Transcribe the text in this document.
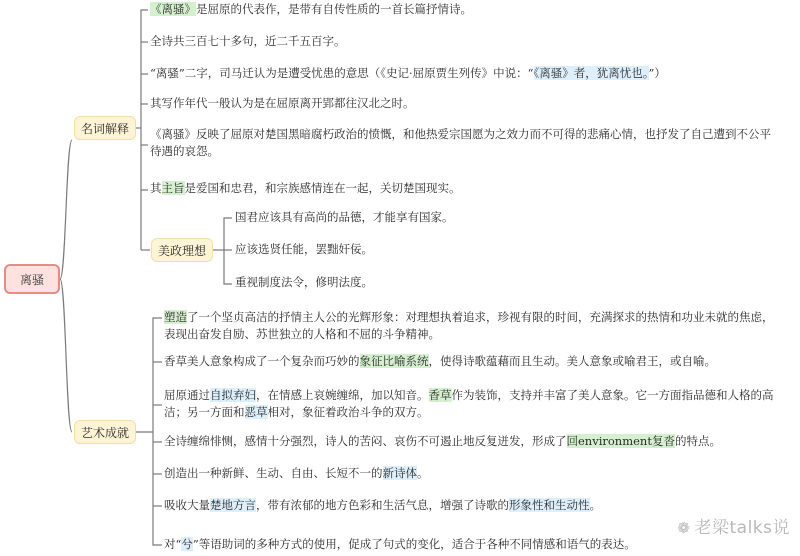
离骚
名词解释
美政理想
艺术成就
《离骚》是屈原的代表作，是带有自传性质的一首长篇抒情诗。
全诗共三百七十多句，近二千五百字。
“离骚”二字，司马迁认为是遭受忧患的意思（《史记·屈原贾生列传》中说：“《离骚》者，犹离忧也。”）
其写作年代一般认为是在屈原离开郢都往汉北之时。
《离骚》反映了屈原对楚国黑暗腐朽政治的愤慨，和他热爱宗国愿为之效力而不可得的悲痛心情，也抒发了自己遭到不公平待遇的哀怨。
其主旨是爱国和忠君，和宗族感情连在一起，关切楚国现实。
国君应该具有高尚的品德，才能享有国家。
应该选贤任能，罢黜奸佞。
重视制度法令，修明法度。
塑造了一个坚贞高洁的抒情主人公的光辉形象：对理想执着追求，珍视有限的时间，充满探求的热情和功业未就的焦虑，表现出奋发自励、苏世独立的人格和不屈的斗争精神。
香草美人意象构成了一个复杂而巧妙的象征比喻系统，使得诗歌蕴藉而且生动。美人意象或喻君王，或自喻。
屈原通过自拟弃妇，在情感上哀婉缠绵，加以知音。香草作为装饰，支持并丰富了美人意象。它一方面指品德和人格的高洁；另一方面和恶草相对，象征着政治斗争的双方。
全诗缠绵悱恻，感情十分强烈，诗人的苦闷、哀伤不可遏止地反复迸发，形成了回environment复沓的特点。
创造出一种新鲜、生动、自由、长短不一的新诗体。
吸收大量楚地方言，带有浓郁的地方色彩和生活气息，增强了诗歌的形象性和生动性。
对“兮”等语助词的多种方式的使用，促成了句式的变化，适合于各种不同情感和语气的表达。
❁ 老梁talks说
